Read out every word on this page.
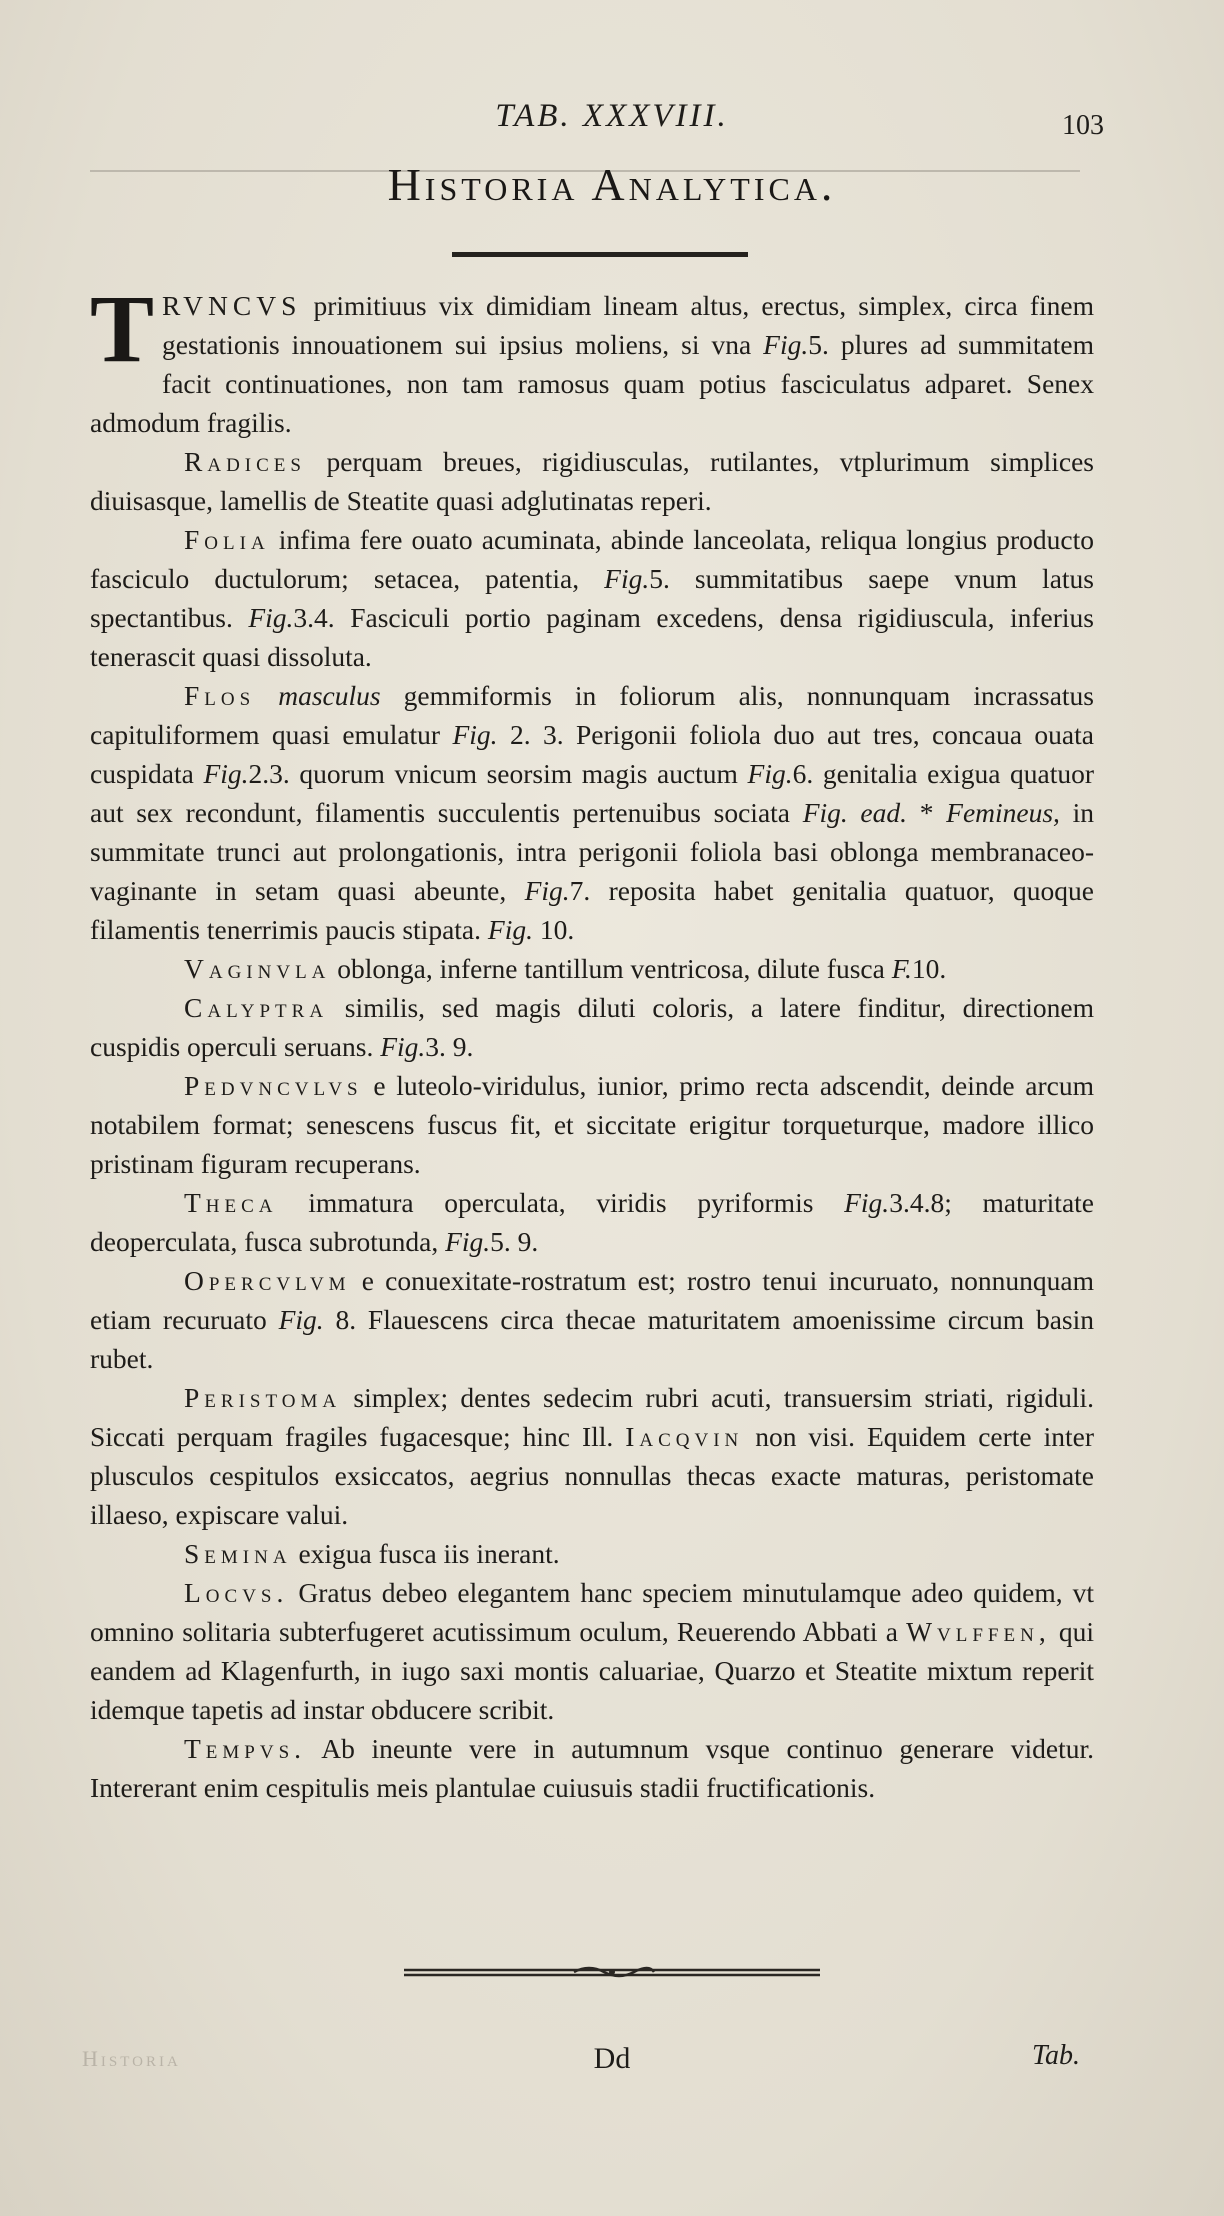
TAB. XXXVIII.	103
Historia Analytica.

TRVNCVS primitiuus vix dimidiam lineam altus, erectus, simplex, circa finem gestationis innouationem sui ipsius moliens, si vna Fig.5. plures ad summitatem facit continuationes, non tam ramosus quam potius fasciculatus adparet. Senex admodum fragilis.

Radices perquam breues, rigidiusculas, rutilantes, vtplurimum simplices diuisasque, lamellis de Steatite quasi adglutinatas reperi.

Folia infima fere ouato acuminata, abinde lanceolata, reliqua longius producto fasciculo ductulorum; setacea, patentia, Fig.5. summitatibus saepe vnum latus spectantibus. Fig.3.4. Fasciculi portio paginam excedens, densa rigidiuscula, inferius tenerascit quasi dissoluta.

Flos masculus gemmiformis in foliorum alis, nonnunquam incrassatus capituliformem quasi emulatur Fig. 2. 3. Perigonii foliola duo aut tres, concaua ouata cuspidata Fig.2.3. quorum vnicum seorsim magis auctum Fig.6. genitalia exigua quatuor aut sex recondunt, filamentis succulentis pertenuibus sociata Fig. ead. * Femineus, in summitate trunci aut prolongationis, intra perigonii foliola basi oblonga membranaceo-vaginante in setam quasi abeunte, Fig.7. reposita habet genitalia quatuor, quoque filamentis tenerrimis paucis stipata. Fig. 10.

Vaginvla oblonga, inferne tantillum ventricosa, dilute fusca F.10.

Calyptra similis, sed magis diluti coloris, a latere finditur, directionem cuspidis operculi seruans. Fig.3. 9.

Pedvncvlvs e luteolo-viridulus, iunior, primo recta adscendit, deinde arcum notabilem format; senescens fuscus fit, et siccitate erigitur torqueturque, madore illico pristinam figuram recuperans.

Theca immatura operculata, viridis pyriformis Fig.3.4.8; maturitate deoperculata, fusca subrotunda, Fig.5. 9.

Opercvlvm e conuexitate-rostratum est; rostro tenui incuruato, nonnunquam etiam recuruato Fig. 8. Flauescens circa thecae maturitatem amoenissime circum basin rubet.

Peristoma simplex; dentes sedecim rubri acuti, transuersim striati, rigiduli. Siccati perquam fragiles fugacesque; hinc Ill. Iacqvin non visi. Equidem certe inter plusculos cespitulos exsiccatos, aegrius nonnullas thecas exacte maturas, peristomate illaeso, expiscare valui.

Semina exigua fusca iis inerant.

Locvs. Gratus debeo elegantem hanc speciem minutulamque adeo quidem, vt omnino solitaria subterfugeret acutissimum oculum, Reuerendo Abbati a Wvlffen, qui eandem ad Klagenfurth, in iugo saxi montis caluariae, Quarzo et Steatite mixtum reperit idemque tapetis ad instar obducere scribit.

Tempvs. Ab ineunte vere in autumnum vsque continuo generare videtur. Intererant enim cespitulis meis plantulae cuiusuis stadii fructificationis.

Historia	Dd	Tab.
